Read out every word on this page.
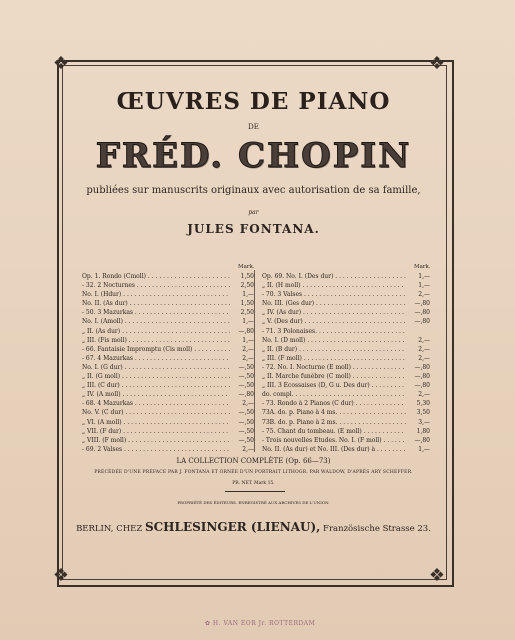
❖	❖
❖	❖
ŒUVRES DE PIANO
DE
FRÉD. CHOPIN
publiées sur manuscrits originaux avec autorisation de sa famille,
par
JULES FONTANA.
Mark.	Mark.
Op. 1. Rondo (Cmoll) . . .	1,50
- 32. 2 Nocturnes . . .	2,50
No. I. (Hdur) . . .	1,—
No. II. (As dur) . . .	1,50
- 50. 3 Mazurkas . . .	2,50
No. I. (Amoll) . . .	1,—
„ II. (As dur) . . .	—,80
„ III. (Fis moll) . . .	1,—
- 66. Fantaisie Impromptu (Cis moll) . . .	2,—
- 67. 4 Mazurkas . . .	2,—
No. I. (G dur) . . .	—,50
„ II. (G moll) . . .	—,50
„ III. (C dur) . . .	—,50
„ IV. (A moll) . . .	—,80
- 68. 4 Mazurkas . . .	2,—
No. V. (C dur) . . .	—,50
„ VI. (A moll) . . .	—,50
„ VII. (F dur) . . .	—,50
„ VIII. (F moll) . . .	—,50
- 69. 2 Valses . . .	2,—
Op. 69. No. I. (Des dur) . . .	1,—
„ II. (H moll) . . .	1,—
- 70. 3 Valses . . .	2,—
No. III. (Ges dur) . . .	—,80
„ IV. (As dur) . . .	—,80
„ V. (Des dur) . . .	—,80
- 71. 3 Polonaises. . . .
No. I. (D moll) . . .	2,—
„ II. (B dur) . . .	2,—
„ III. (F moll) . . .	2,—
- 72. No. I. Nocturne (E moll) . . .	—,80
„ II. Marche funèbre (C moll) . . .	—,80
„ III. 3 Ecossaises (D, G u. Des dur) . . .	—,80
do. compl. . . .	2,—
- 73. Rondo à 2 Pianos (C dur) . . .	5,30
73A. do. p. Piano à 4 ms. . . .	3,50
73B. do. p. Piano à 2 ms. . . .	3,—
- 75. Chant du tombeau. (E moll) . . .	1,80
- Trois nouvelles Etudes. No. I. (F moll) . . .	—,80
No. II. (As dur) et No. III. (Des dur) à . . .	1,—
LA COLLECTION COMPLÈTE (Op. 66—73)
PRÉCÉDÉE D'UNE PRÉFACE PAR J. FONTANA ET ORNÉE D'UN PORTRAIT LITHOGR. PAR WALDOW, D'APRÈS ARY SCHEFFER.
PR. NET. Mark 15.
PROPRIÉTÉ DES ÉDITEURS. ENREGISTRÉ AUX ARCHIVES DE L'UNION.
BERLIN, CHEZ SCHLESINGER (LIENAU), Französische Strasse 23.
✿ H. VAN EOR Jr. ROTTERDAM
